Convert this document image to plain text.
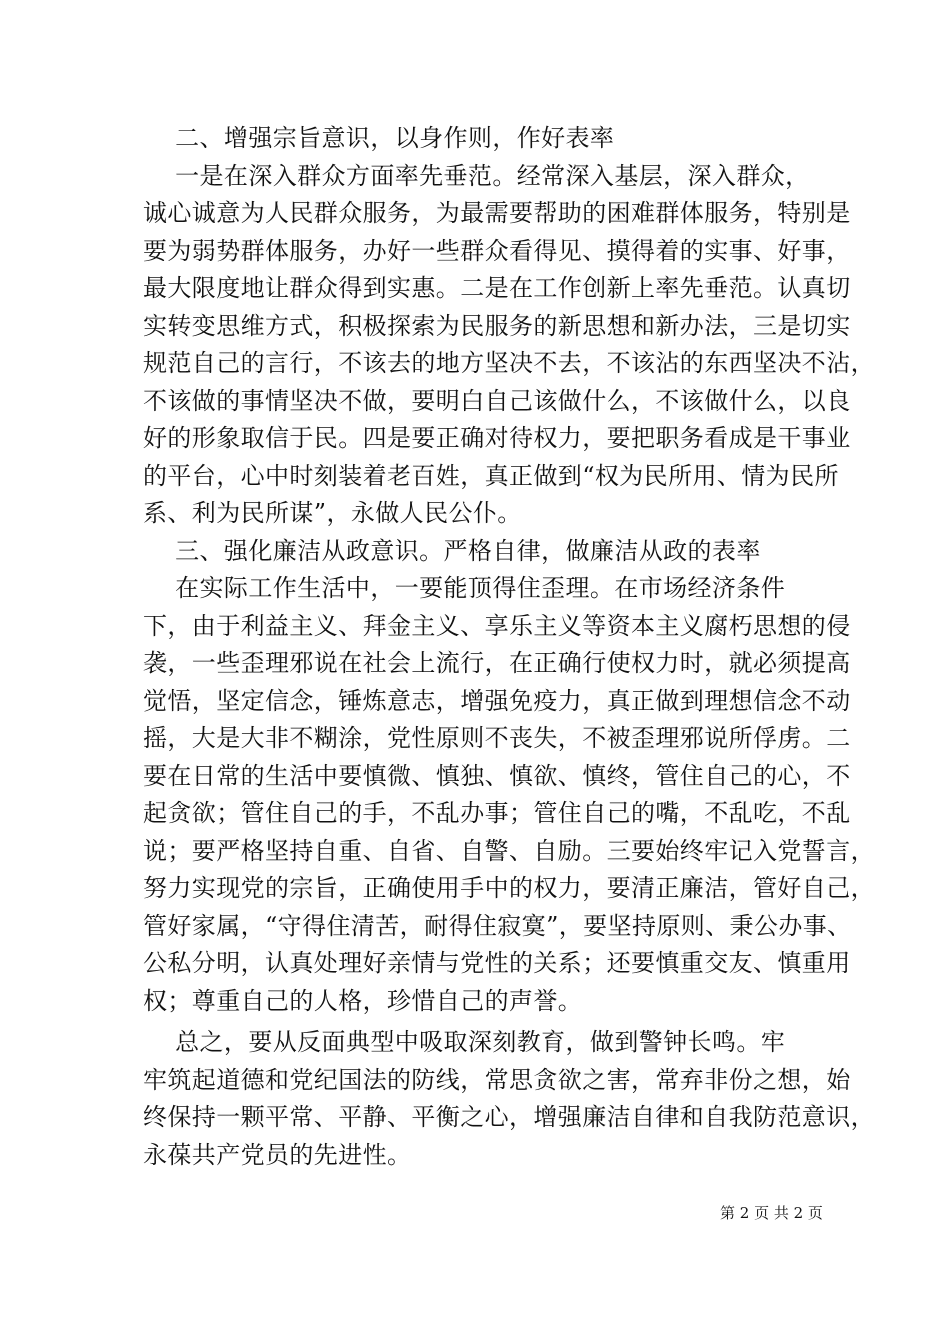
二、增强宗旨意识，以身作则，作好表率
一是在深入群众方面率先垂范。经常深入基层，深入群众，
诚心诚意为人民群众服务，为最需要帮助的困难群体服务，特别是
要为弱势群体服务，办好一些群众看得见、摸得着的实事、好事，
最大限度地让群众得到实惠。二是在工作创新上率先垂范。认真切
实转变思维方式，积极探索为民服务的新思想和新办法，三是切实
规范自己的言行，不该去的地方坚决不去，不该沾的东西坚决不沾，
不该做的事情坚决不做，要明白自己该做什么，不该做什么，以良
好的形象取信于民。四是要正确对待权力，要把职务看成是干事业
的平台，心中时刻装着老百姓，真正做到“权为民所用、情为民所
系、利为民所谋”，永做人民公仆。
三、强化廉洁从政意识。严格自律，做廉洁从政的表率
在实际工作生活中，一要能顶得住歪理。在市场经济条件
下，由于利益主义、拜金主义、享乐主义等资本主义腐朽思想的侵
袭，一些歪理邪说在社会上流行，在正确行使权力时，就必须提高
觉悟，坚定信念，锤炼意志，增强免疫力，真正做到理想信念不动
摇，大是大非不糊涂，党性原则不丧失，不被歪理邪说所俘虏。二
要在日常的生活中要慎微、慎独、慎欲、慎终，管住自己的心，不
起贪欲；管住自己的手，不乱办事；管住自己的嘴，不乱吃，不乱
说；要严格坚持自重、自省、自警、自励。三要始终牢记入党誓言，
努力实现党的宗旨，正确使用手中的权力，要清正廉洁，管好自己，
管好家属，“守得住清苦，耐得住寂寞”，要坚持原则、秉公办事、
公私分明，认真处理好亲情与党性的关系；还要慎重交友、慎重用
权；尊重自己的人格，珍惜自己的声誉。
总之，要从反面典型中吸取深刻教育，做到警钟长鸣。牢
牢筑起道德和党纪国法的防线，常思贪欲之害，常弃非份之想，始
终保持一颗平常、平静、平衡之心，增强廉洁自律和自我防范意识，
永葆共产党员的先进性。
第 2 页 共 2 页
